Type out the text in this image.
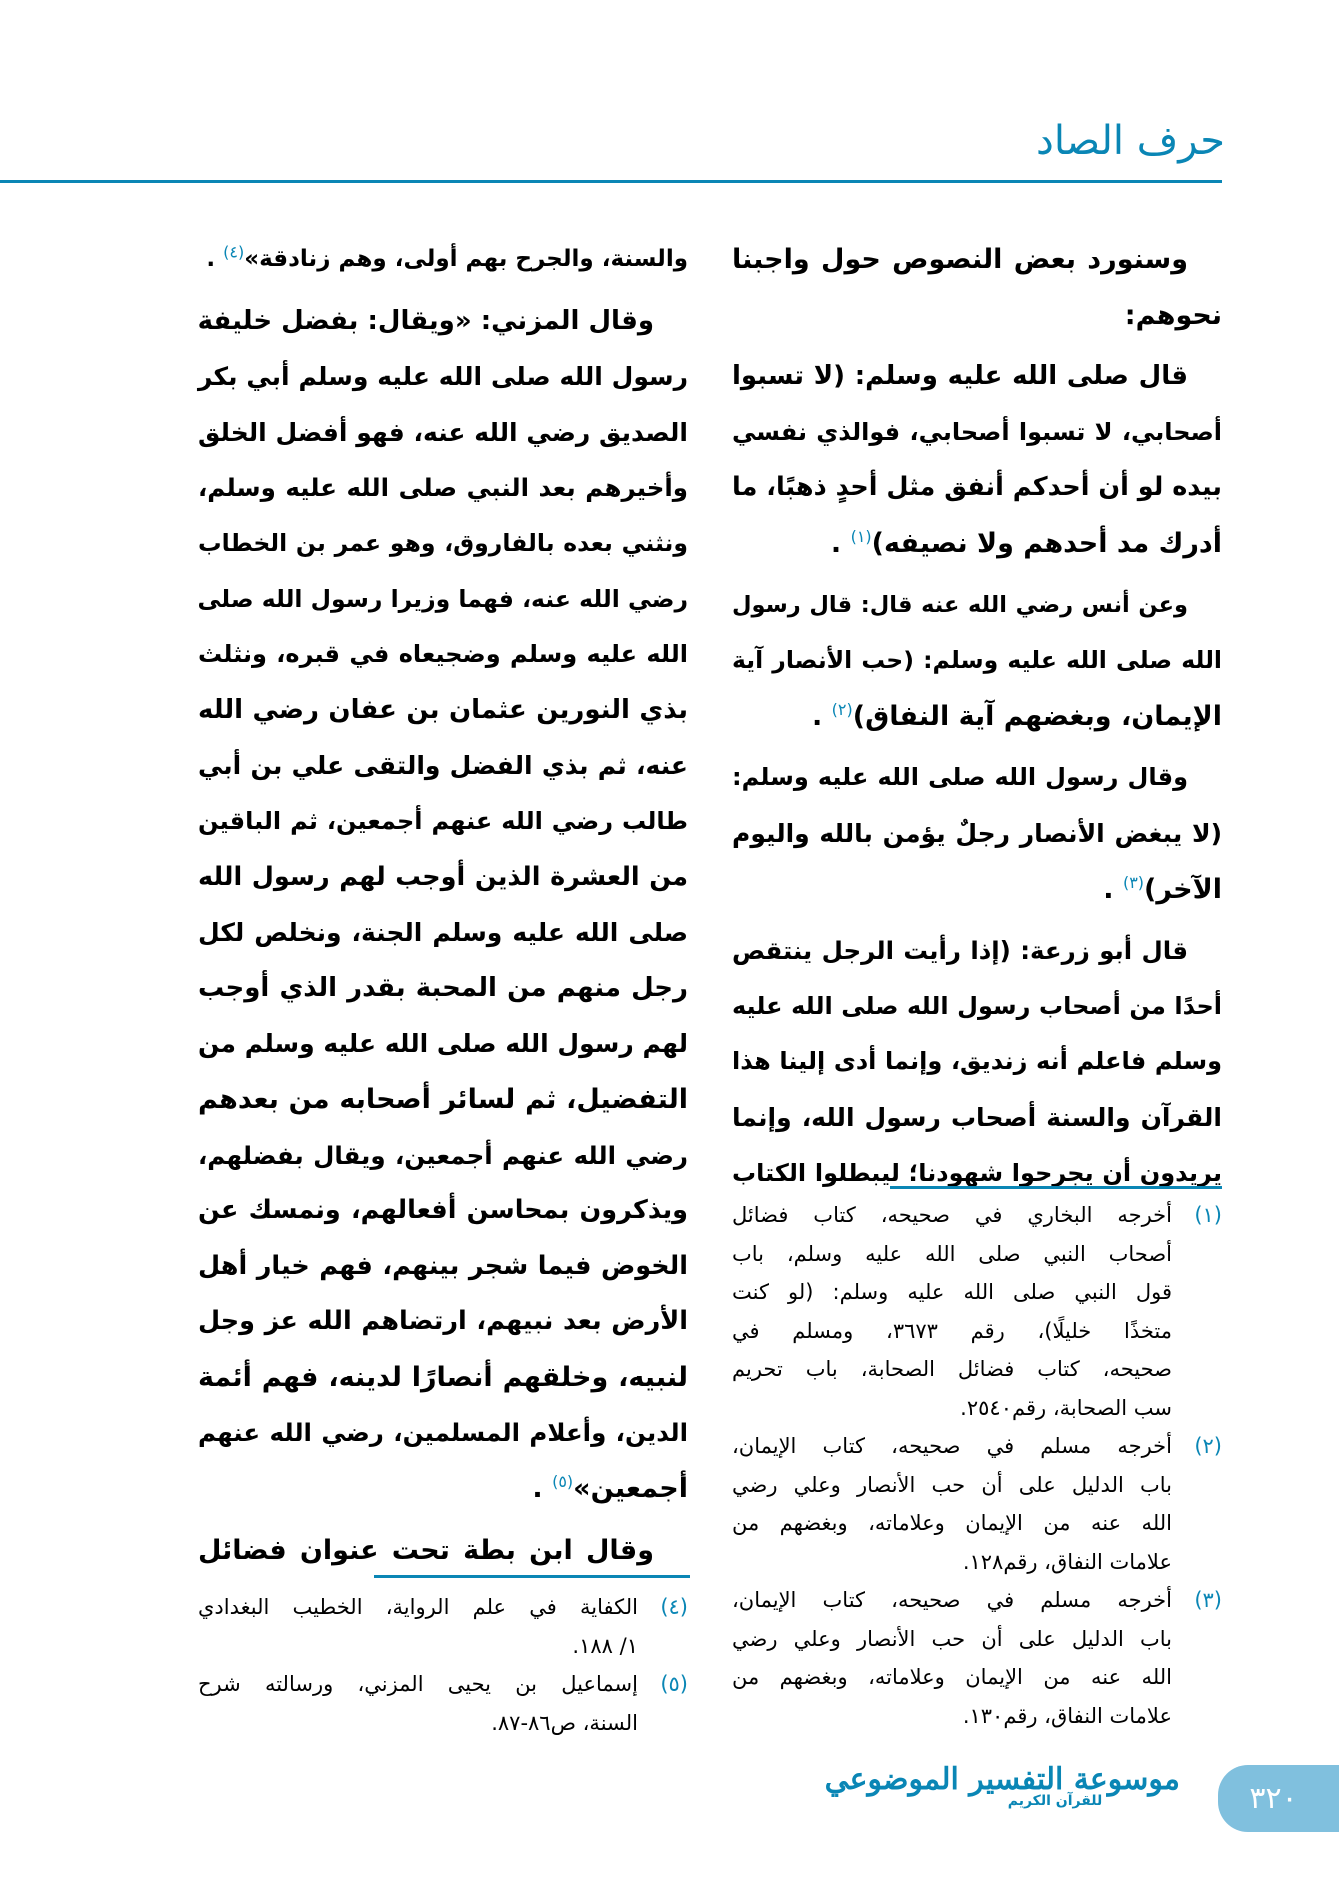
حرف الصاد
وسنورد بعض النصوص حول واجبنا
نحوهم:
قال صلى الله عليه وسلم: (لا تسبوا
أصحابي، لا تسبوا أصحابي، فوالذي نفسي
بيده لو أن أحدكم أنفق مثل أحدٍ ذهبًا، ما
أدرك مد أحدهم ولا نصيفه)$^{(١)}$ .
وعن أنس رضي الله عنه قال: قال رسول
الله صلى الله عليه وسلم: (حب الأنصار آية
الإيمان، وبغضهم آية النفاق)$^{(٢)}$ .
وقال رسول الله صلى الله عليه وسلم:
(لا يبغض الأنصار رجلٌ يؤمن بالله واليوم
الآخر)$^{(٣)}$ .
قال أبو زرعة: (إذا رأيت الرجل ينتقص
أحدًا من أصحاب رسول الله صلى الله عليه
وسلم فاعلم أنه زنديق، وإنما أدى إلينا هذا
القرآن والسنة أصحاب رسول الله، وإنما
يريدون أن يجرحوا شهودنا؛ ليبطلوا الكتاب
والسنة، والجرح بهم أولى، وهم زنادقة»$^{(٤)}$ .
وقال المزني: «ويقال: بفضل خليفة
رسول الله صلى الله عليه وسلم أبي بكر
الصديق رضي الله عنه، فهو أفضل الخلق
وأخيرهم بعد النبي صلى الله عليه وسلم،
ونثني بعده بالفاروق، وهو عمر بن الخطاب
رضي الله عنه، فهما وزيرا رسول الله صلى
الله عليه وسلم وضجيعاه في قبره، ونثلث
بذي النورين عثمان بن عفان رضي الله
عنه، ثم بذي الفضل والتقى علي بن أبي
طالب رضي الله عنهم أجمعين، ثم الباقين
من العشرة الذين أوجب لهم رسول الله
صلى الله عليه وسلم الجنة، ونخلص لكل
رجل منهم من المحبة بقدر الذي أوجب
لهم رسول الله صلى الله عليه وسلم من
التفضيل، ثم لسائر أصحابه من بعدهم
رضي الله عنهم أجمعين، ويقال بفضلهم،
ويذكرون بمحاسن أفعالهم، ونمسك عن
الخوض فيما شجر بينهم، فهم خيار أهل
الأرض بعد نبيهم، ارتضاهم الله عز وجل
لنبيه، وخلقهم أنصارًا لدينه، فهم أئمة
الدين، وأعلام المسلمين، رضي الله عنهم
أجمعين»$^{(٥)}$ .
وقال ابن بطة تحت عنوان فضائل
(١)
أخرجه البخاري في صحيحه، كتاب فضائل
أصحاب النبي صلى الله عليه وسلم، باب
قول النبي صلى الله عليه وسلم: (لو كنت
متخذًا خليلًا)، رقم ٣٦٧٣، ومسلم في
صحيحه، كتاب فضائل الصحابة، باب تحريم
سب الصحابة، رقم٢٥٤٠.
(٢)
أخرجه مسلم في صحيحه، كتاب الإيمان،
باب الدليل على أن حب الأنصار وعلي رضي
الله عنه من الإيمان وعلاماته، وبغضهم من
علامات النفاق، رقم١٢٨.
(٣)
أخرجه مسلم في صحيحه، كتاب الإيمان،
باب الدليل على أن حب الأنصار وعلي رضي
الله عنه من الإيمان وعلاماته، وبغضهم من
علامات النفاق، رقم١٣٠.
(٤)
الكفاية في علم الرواية، الخطيب البغدادي
١/ ١٨٨.
(٥)
إسماعيل بن يحيى المزني، ورسالته شرح
السنة، ص٨٦-٨٧.
موسوعة التفسير الموضوعي
للقرآن الكريم	٣٢٠
